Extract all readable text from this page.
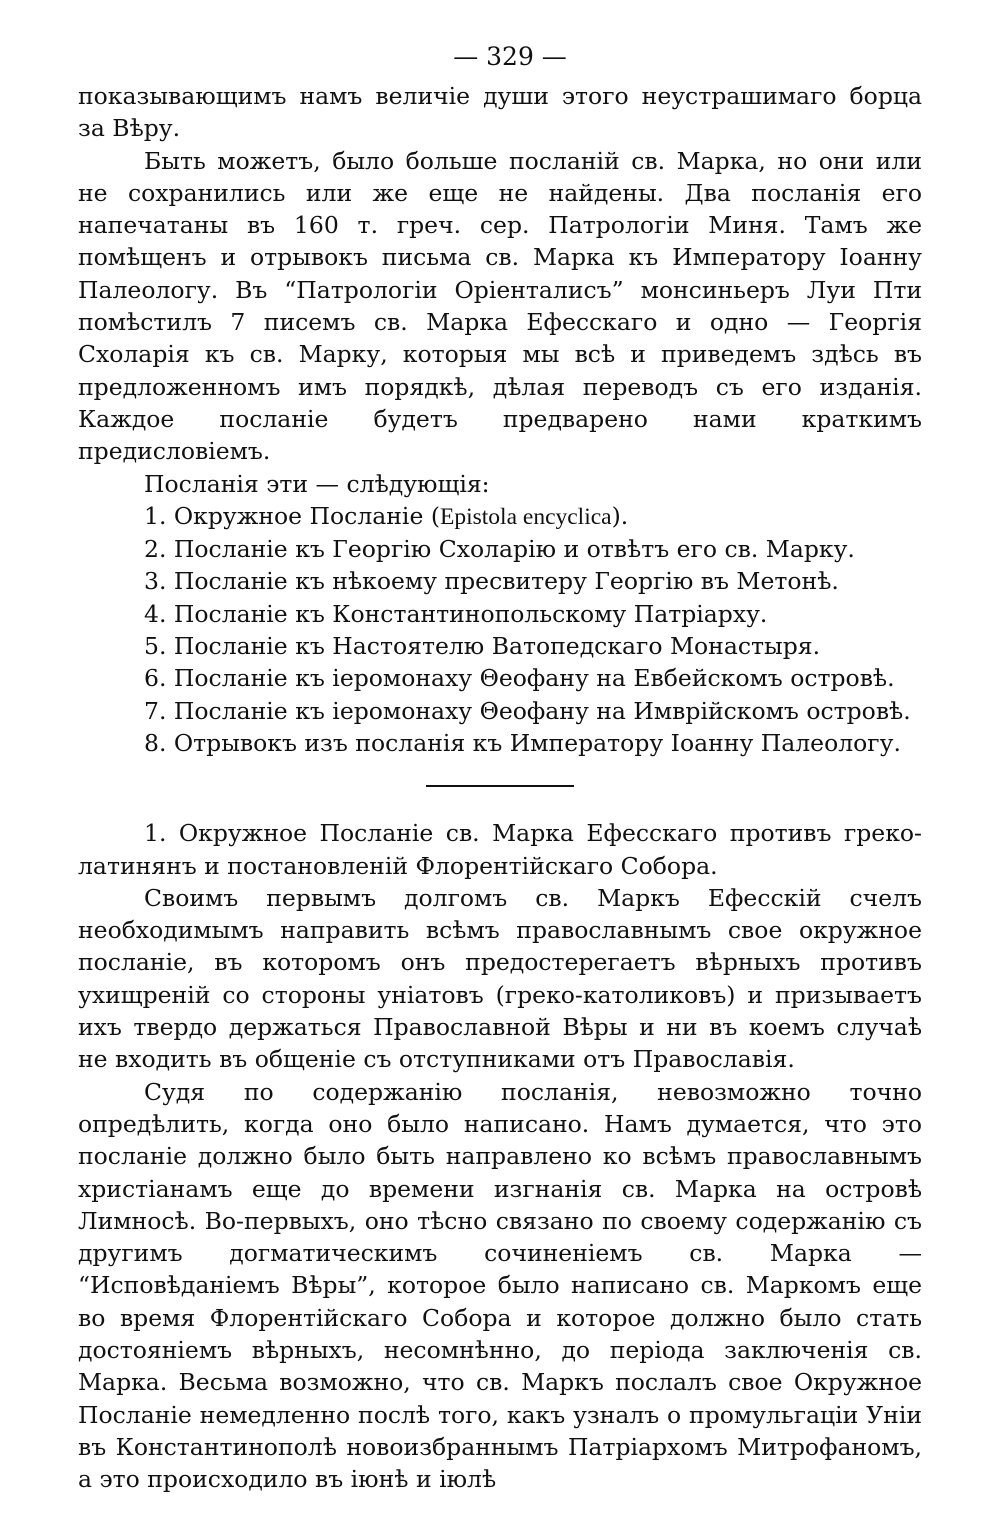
— 329 —

показывающимъ намъ величіе души этого неустрашимаго борца за Вѣру.

Быть можетъ, было больше посланій св. Марка, но они или не сохранились или же еще не найдены. Два посланія его напечатаны въ 160 т. греч. сер. Патрологіи Миня. Тамъ же помѣщенъ и отрывокъ письма св. Марка къ Императору Іоанну Палеологу. Въ “Патрологіи Оріенталисъ” монсиньеръ Луи Пти помѣстилъ 7 писемъ св. Марка Ефесскаго и одно — Георгія Схоларія къ св. Марку, которыя мы всѣ и приведемъ здѣсь въ предложенномъ имъ порядкѣ, дѣлая переводъ съ его изданія. Каждое посланіе будетъ предварено нами краткимъ предисловіемъ.

Посланія эти — слѣдующія:

1. Окружное Посланіе (Epistola encyclica).
2. Посланіе къ Георгію Схоларію и отвѣтъ его св. Марку.
3. Посланіе къ нѣкоему пресвитеру Георгію въ Метонѣ.
4. Посланіе къ Константинопольскому Патріарху.
5. Посланіе къ Настоятелю Ватопедскаго Монастыря.
6. Посланіе къ іеромонаху Θеофану на Евбейскомъ островѣ.
7. Посланіе къ іеромонаху Θеофану на Имврійскомъ островѣ.
8. Отрывокъ изъ посланія къ Императору Іоанну Палеологу.

1. Окружное Посланіе св. Марка Ефесскаго противъ греко-латинянъ и постановленій Флорентійскаго Собора.

Своимъ первымъ долгомъ св. Маркъ Ефесскій счелъ необходимымъ направить всѣмъ православнымъ свое окружное посланіе, въ которомъ онъ предостерегаетъ вѣрныхъ противъ ухищреній со стороны уніатовъ (греко-католиковъ) и призываетъ ихъ твердо держаться Православной Вѣры и ни въ коемъ случаѣ не входить въ общеніе съ отступниками отъ Православія.

Судя по содержанію посланія, невозможно точно опредѣлить, когда оно было написано. Намъ думается, что это посланіе должно было быть направлено ко всѣмъ православнымъ христіанамъ еще до времени изгнанія св. Марка на островѣ Лимносѣ. Во-первыхъ, оно тѣсно связано по своему содержанію съ другимъ догматическимъ сочиненіемъ св. Марка — “Исповѣданіемъ Вѣры”, которое было написано св. Маркомъ еще во время Флорентійскаго Собора и которое должно было стать достояніемъ вѣрныхъ, несомнѣнно, до періода заключенія св. Марка. Весьма возможно, что св. Маркъ послалъ свое Окружное Посланіе немедленно послѣ того, какъ узналъ о промульгаціи Уніи въ Константинополѣ новоизбраннымъ Патріархомъ Митрофаномъ, а это происходило въ іюнѣ и іюлѣ
